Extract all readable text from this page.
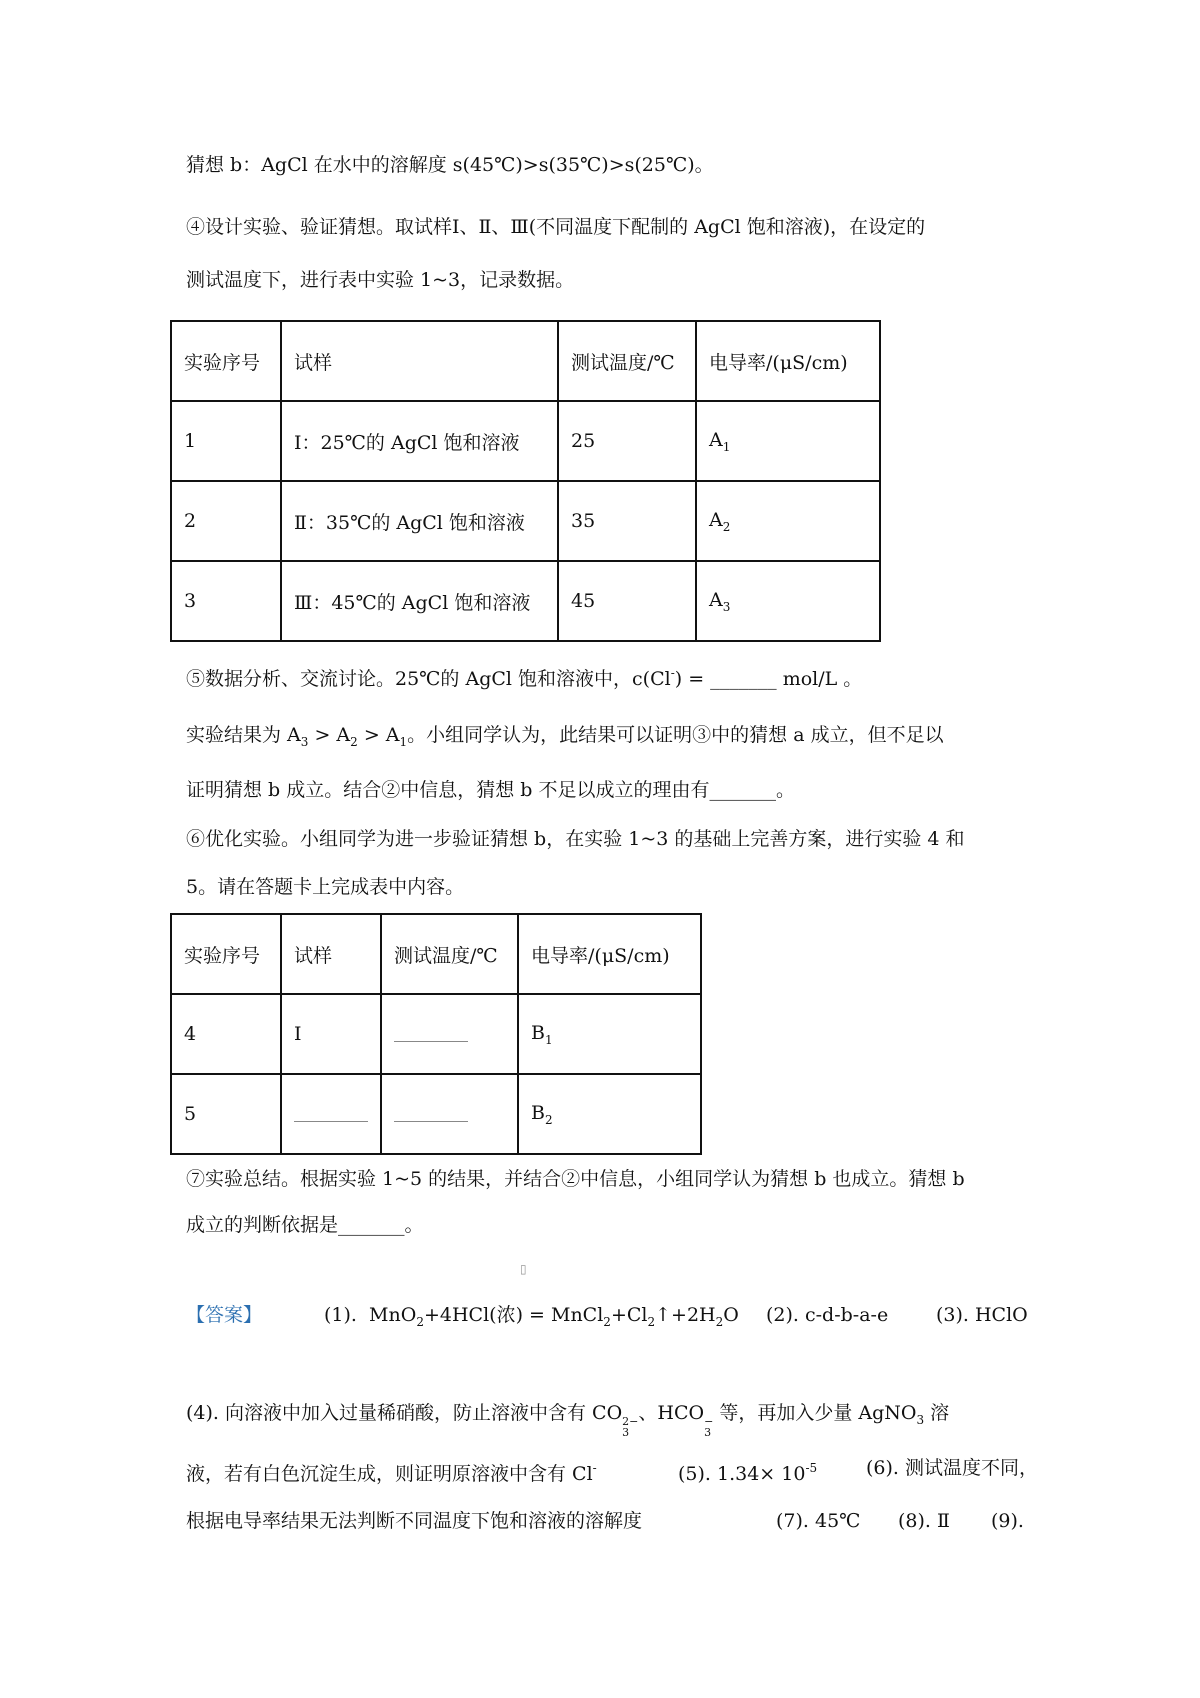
猜想 b：AgCl 在水中的溶解度 s(45℃)>s(35℃)>s(25℃)。
④设计实验、验证猜想。取试样Ⅰ、Ⅱ、Ⅲ(不同温度下配制的 AgCl 饱和溶液)，在设定的
测试温度下，进行表中实验 1~3，记录数据。
实验序号	试样	测试温度/℃	电导率/(μS/cm)
1	Ⅰ：25℃的 AgCl 饱和溶液	25	$A_1$
2	Ⅱ：35℃的 AgCl 饱和溶液	35	$A_2$
3	Ⅲ：45℃的 AgCl 饱和溶液	45	$A_3$
⑤数据分析、交流讨论。25℃的 AgCl 饱和溶液中，c(Cl-) = _______ mol/L 。
实验结果为 $A_3 > A_2 > A_1$。小组同学认为，此结果可以证明③中的猜想 a 成立，但不足以
证明猜想 b 成立。结合②中信息，猜想 b 不足以成立的理由有_______。
⑥优化实验。小组同学为进一步验证猜想 b，在实验 1~3 的基础上完善方案，进行实验 4 和
5。请在答题卡上完成表中内容。
实验序号	试样	测试温度/℃	电导率/(μS/cm)
4	Ⅰ		$B_1$
5			$B_2$
⑦实验总结。根据实验 1~5 的结果，并结合②中信息，小组同学认为猜想 b 也成立。猜想 b
成立的判断依据是_______。
▯
【答案】	(1). MnO$_2$+4HCl(浓) = $MnCl_2+Cl_2↑+2H_2O$ (2). c-d-b-a-e	(3). HClO
(4). 向溶液中加入过量稀硝酸，防止溶液中含有 CO 2−
3
、HCO −
3
等，再加入少量 AgNO$_3$ 溶
液，若有白色沉淀生成，则证明原溶液中含有 Cl-	(5). $1.34\times 10^{-5}$	(6). 测试温度不同，
根据电导率结果无法判断不同温度下饱和溶液的溶解度	(7). 45℃ (8). Ⅱ (9).
